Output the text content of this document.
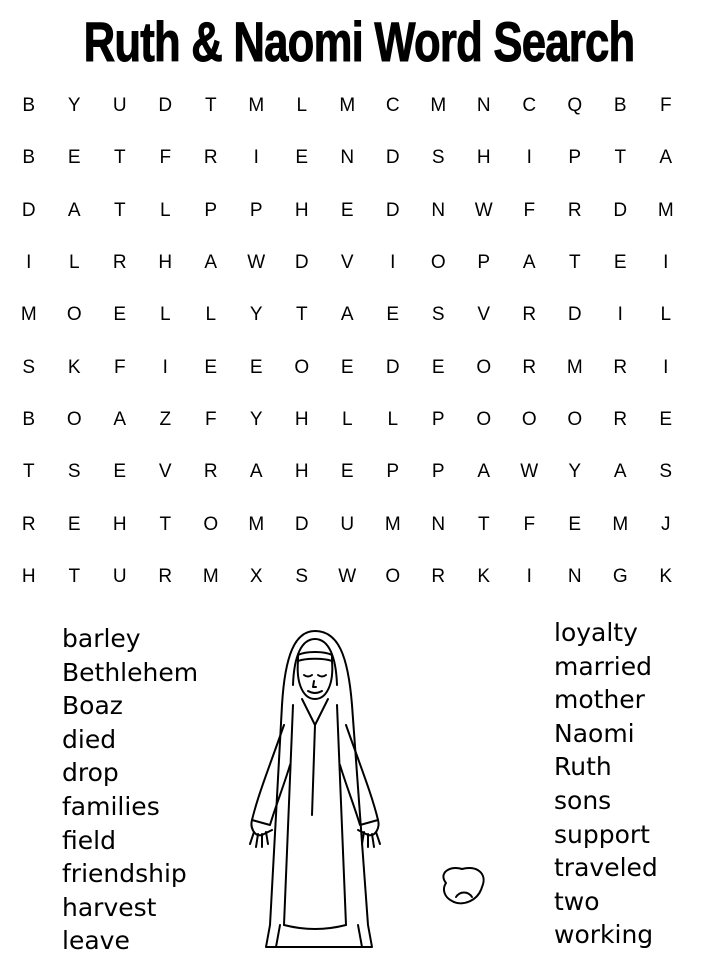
Ruth & Naomi Word Search
B	Y	U	D	T	M	L	M	C	M	N	C	Q	B	F
B	E	T	F	R	I	E	N	D	S	H	I	P	T	A
D	A	T	L	P	P	H	E	D	N	W	F	R	D	M
I	L	R	H	A	W	D	V	I	O	P	A	T	E	I
M	O	E	L	L	Y	T	A	E	S	V	R	D	I	L
S	K	F	I	E	E	O	E	D	E	O	R	M	R	I
B	O	A	Z	F	Y	H	L	L	P	O	O	O	R	E
T	S	E	V	R	A	H	E	P	P	A	W	Y	A	S
R	E	H	T	O	M	D	U	M	N	T	F	E	M	J
H	T	U	R	M	X	S	W	O	R	K	I	N	G	K
barley
Bethlehem
Boaz
died
drop
families
field
friendship
harvest
leave
loyalty
married
mother
Naomi
Ruth
sons
support
traveled
two
working
